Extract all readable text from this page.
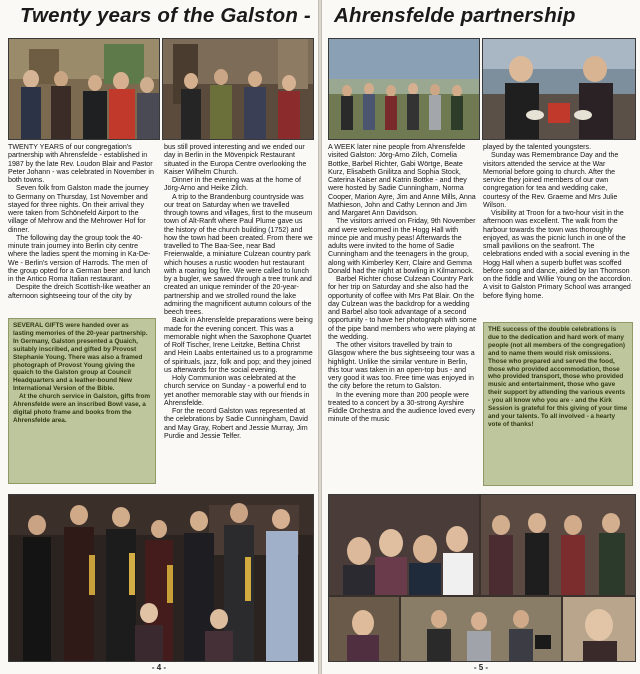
Twenty years of the Galston -

TWENTY YEARS of our congregation's partnership with Ahrensfelde - established in 1987 by the late Rev. Loudon Blair and Pastor Peter Johann - was celebrated in November in both towns.

Seven folk from Galston made the journey to Germany on Thursday, 1st November and stayed for three nights. On their arrival they were taken from Schönefeld Airport to the village of Mehrow and the Mehrower Hof for dinner.

The following day the group took the 40-minute train journey into Berlin city centre where the ladies spent the morning in Ka-De-We - Berlin's version of Harrods. The men of the group opted for a German beer and lunch in the Antico Roma Italian restaurant.

Despite the dreich Scottish-like weather an afternoon sightseeing tour of the city by

SEVERAL GIFTS were handed over as lasting memories of the 20-year partnership. In Germany, Galston presented a Quaich, suitably inscribed, and gifted by Provost Stephanie Young. There was also a framed photograph of Provost Young giving the quaich to the Galston group at Council Headquarters and a leather-bound New International Version of the Bible.

At the church service in Galston, gifts from Ahrensfelde were an inscribed Bowl vase, a digital photo frame and books from the Ahrensfelde area.

bus still proved interesting and we ended our day in Berlin in the Mövenpick Restaurant situated in the Europa Centre overlooking the Kaiser Wilhelm Church.

Dinner in the evening was at the home of Jörg-Arno and Heike Zilch.

A trip to the Brandenburg countryside was our treat on Saturday when we travelled through towns and villages, first to the museum town of Alt-Ranft where Paul Plume gave us the history of the church building (1752) and how the town had been created. From there we travelled to The Baa-See, near Bad Freienwalde, a miniature Culzean country park which houses a rustic wooden hut restaurant with a roaring log fire. We were called to lunch by a bugler, we sawed through a tree trunk and created an unique reminder of the 20-year-partnership and we strolled round the lake admiring the magnificent autumn colours of the beech trees.

Back in Ahrensfelde preparations were being made for the evening concert. This was a memorable night when the Saxophone Quartet of Rolf Tischer, Irene Leitzke, Bettina Christ and Hein Laabs entertained us to a programme of spirituals, jazz, folk and pop; and they joined us afterwards for the social evening.

Holy Communion was celebrated at the church service on Sunday - a powerful end to yet another memorable stay with our friends in Ahrensfelde.

For the record Galston was represented at the celebrations by Sadie Cunningham, David and May Gray, Robert and Jessie Murray, Jim Purdie and Jessie Telfer.

- 4 -
Ahrensfelde partnership

A WEEK later nine people from Ahrensfelde visited Galston: Jörg-Arno Zilch, Cornelia Bottke, Barbel Richter, Gabi Wörtge, Beate Kurz, Elisabeth Gnilitza and Sophia Stock, Caterina Kaiser and Katrin Bottke - and they were hosted by Sadie Cunningham, Norma Cooper, Marion Ayre, Jim and Anne Mills, Anna Mathieson, John and Cathy Lennon and Jim and Margaret Ann Davidson.

The visitors arrived on Friday, 9th November and were welcomed in the Hogg Hall with mince pie and mushy peas! Afterwards the adults were invited to the home of Sadie Cunningham and the teenagers in the group, along with Kimberley Kerr, Claire and Gemma Donald had the night at bowling in Kilmarnock.

Barbel Richter chose Culzean Country Park for her trip on Saturday and she also had the opportunity of coffee with Mrs Pat Blair. On the day Culzean was the backdrop for a wedding and Barbel also took advantage of a second opportunity - to have her photograph with some of the pipe band members who were playing at the wedding.

The other visitors travelled by train to Glasgow where the bus sightseeing tour was a highlight. Unlike the similar venture in Berlin, this tour was taken in an open-top bus - and very good it was too. Free time was enjoyed in the city before the return to Galston.

In the evening more than 200 people were treated to a concert by a 30-strong Ayrshire Fiddle Orchestra and the audience loved every minute of the music

played by the talented youngsters.

Sunday was Remembrance Day and the visitors attended the service at the War Memorial before going to church. After the service they joined members of our own congregation for tea and wedding cake, courtesy of the Rev. Graeme and Mrs Julie Wilson.

Visibility at Troon for a two-hour visit in the afternoon was excellent. The walk from the harbour towards the town was thoroughly enjoyed, as was the picnic lunch in one of the small pavilions on the seafront. The celebrations ended with a social evening in the Hogg Hall when a superb buffet was scoffed before song and dance, aided by Ian Thomson on the fiddle and Willie Young on the accordion. A visit to Galston Primary School was arranged before flying home.

THE success of the double celebrations is due to the dedication and hard work of many people (not all members of the congregation) and to name them would risk omissions. Those who prepared and served the food, those who provided accommodation, those who provided transport, those who provided music and entertainment, those who gave their support by attending the various events - you all know who you are - and the Kirk Session is grateful for this giving of your time and your talents. To all involved - a hearty vote of thanks!

- 5 -
